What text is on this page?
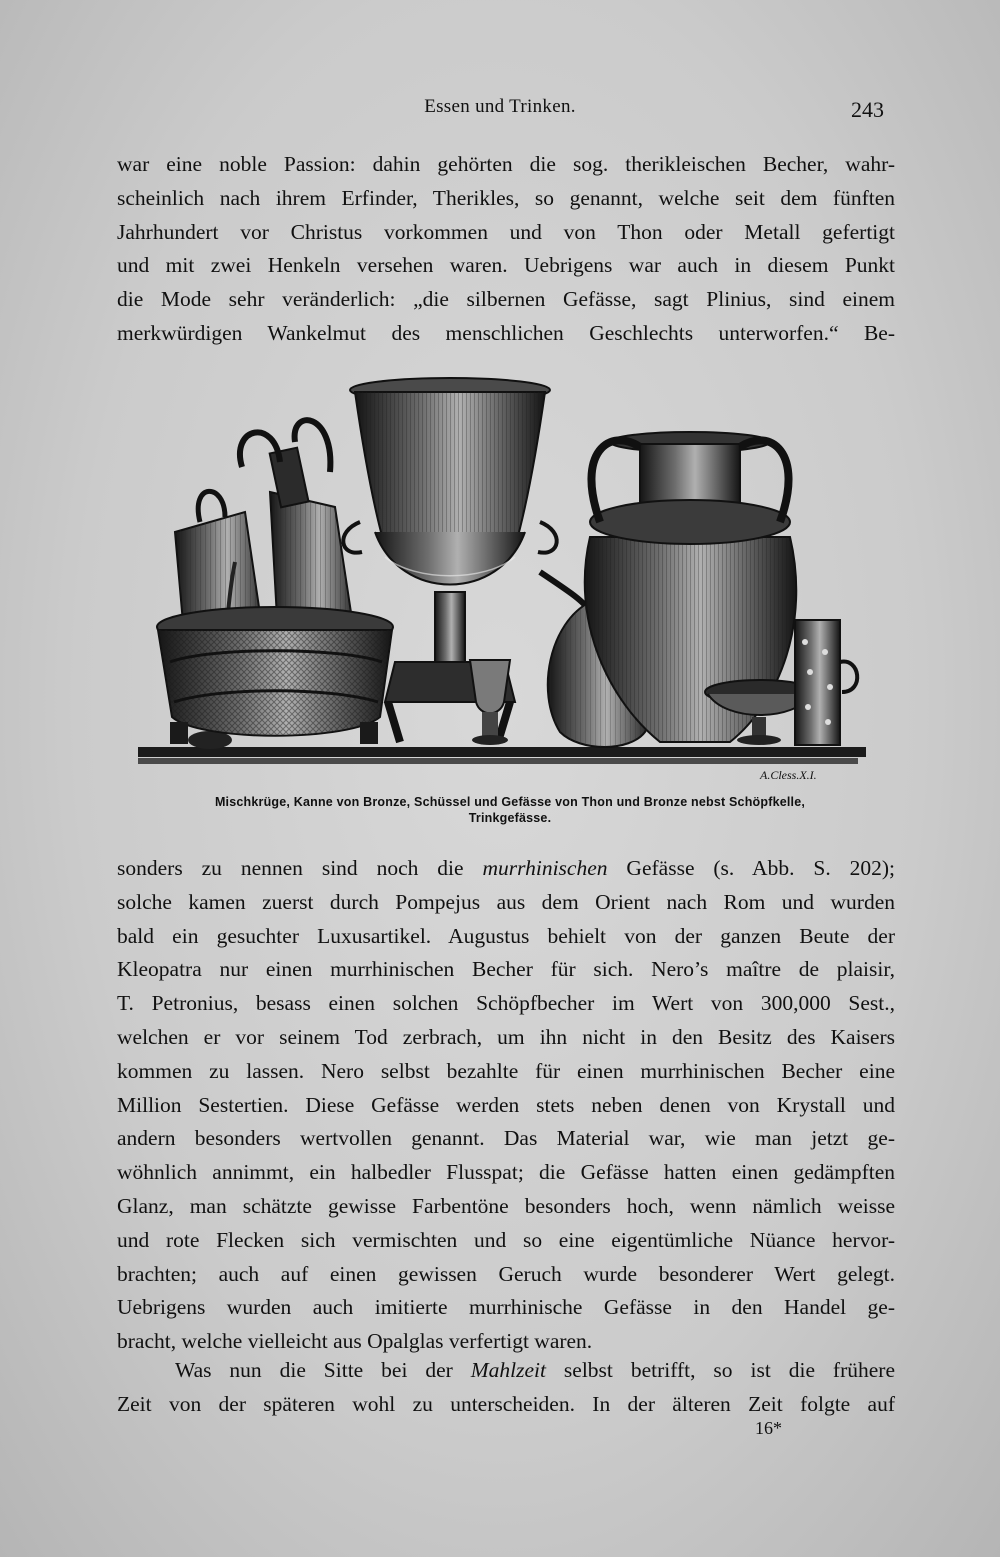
Essen und Trinken.	243
war eine noble Passion: dahin gehörten die sog. therikleischen Becher, wahr-
scheinlich nach ihrem Erfinder, Therikles, so genannt, welche seit dem fünften
Jahrhundert vor Christus vorkommen und von Thon oder Metall gefertigt
und mit zwei Henkeln versehen waren. Uebrigens war auch in diesem Punkt
die Mode sehr veränderlich: „die silbernen Gefässe, sagt Plinius, sind einem
merkwürdigen Wankelmut des menschlichen Geschlechts unterworfen.“ Be-
A.Cless.X.I.
Mischkrüge, Kanne von Bronze, Schüssel und Gefässe von Thon und Bronze nebst Schöpfkelle,
Trinkgefässe.
sonders zu nennen sind noch die murrhinischen Gefässe (s. Abb. S. 202);
solche kamen zuerst durch Pompejus aus dem Orient nach Rom und wurden
bald ein gesuchter Luxusartikel. Augustus behielt von der ganzen Beute der
Kleopatra nur einen murrhinischen Becher für sich. Nero’s maître de plaisir,
T. Petronius, besass einen solchen Schöpfbecher im Wert von 300,000 Sest.,
welchen er vor seinem Tod zerbrach, um ihn nicht in den Besitz des Kaisers
kommen zu lassen. Nero selbst bezahlte für einen murrhinischen Becher eine
Million Sestertien. Diese Gefässe werden stets neben denen von Krystall und
andern besonders wertvollen genannt. Das Material war, wie man jetzt ge-
wöhnlich annimmt, ein halbedler Flusspat; die Gefässe hatten einen gedämpften
Glanz, man schätzte gewisse Farbentöne besonders hoch, wenn nämlich weisse
und rote Flecken sich vermischten und so eine eigentümliche Nüance hervor-
brachten; auch auf einen gewissen Geruch wurde besonderer Wert gelegt.
Uebrigens wurden auch imitierte murrhinische Gefässe in den Handel ge-
bracht, welche vielleicht aus Opalglas verfertigt waren.
Was nun die Sitte bei der Mahlzeit selbst betrifft, so ist die frühere
Zeit von der späteren wohl zu unterscheiden. In der älteren Zeit folgte auf
16*
